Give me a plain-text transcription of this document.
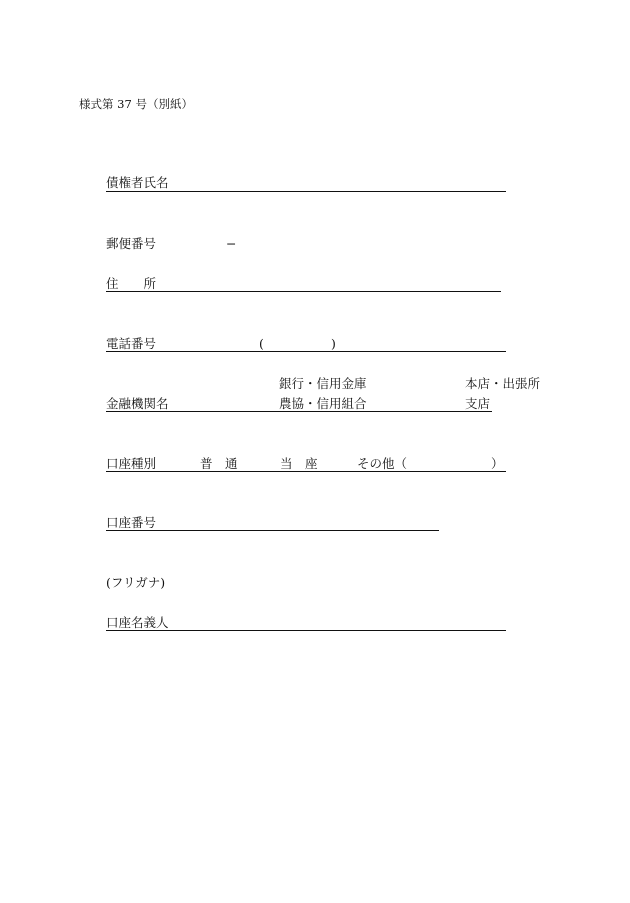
様式第 37 号（別紙）
債権者氏名
郵便番号	−
住　　所
電話番号	(	)
銀行・信用金庫	本店・出張所
金融機関名	農協・信用組合	支店
口座種別	普　通	当　座	その他（	）
口座番号
(フリガナ)
口座名義人
